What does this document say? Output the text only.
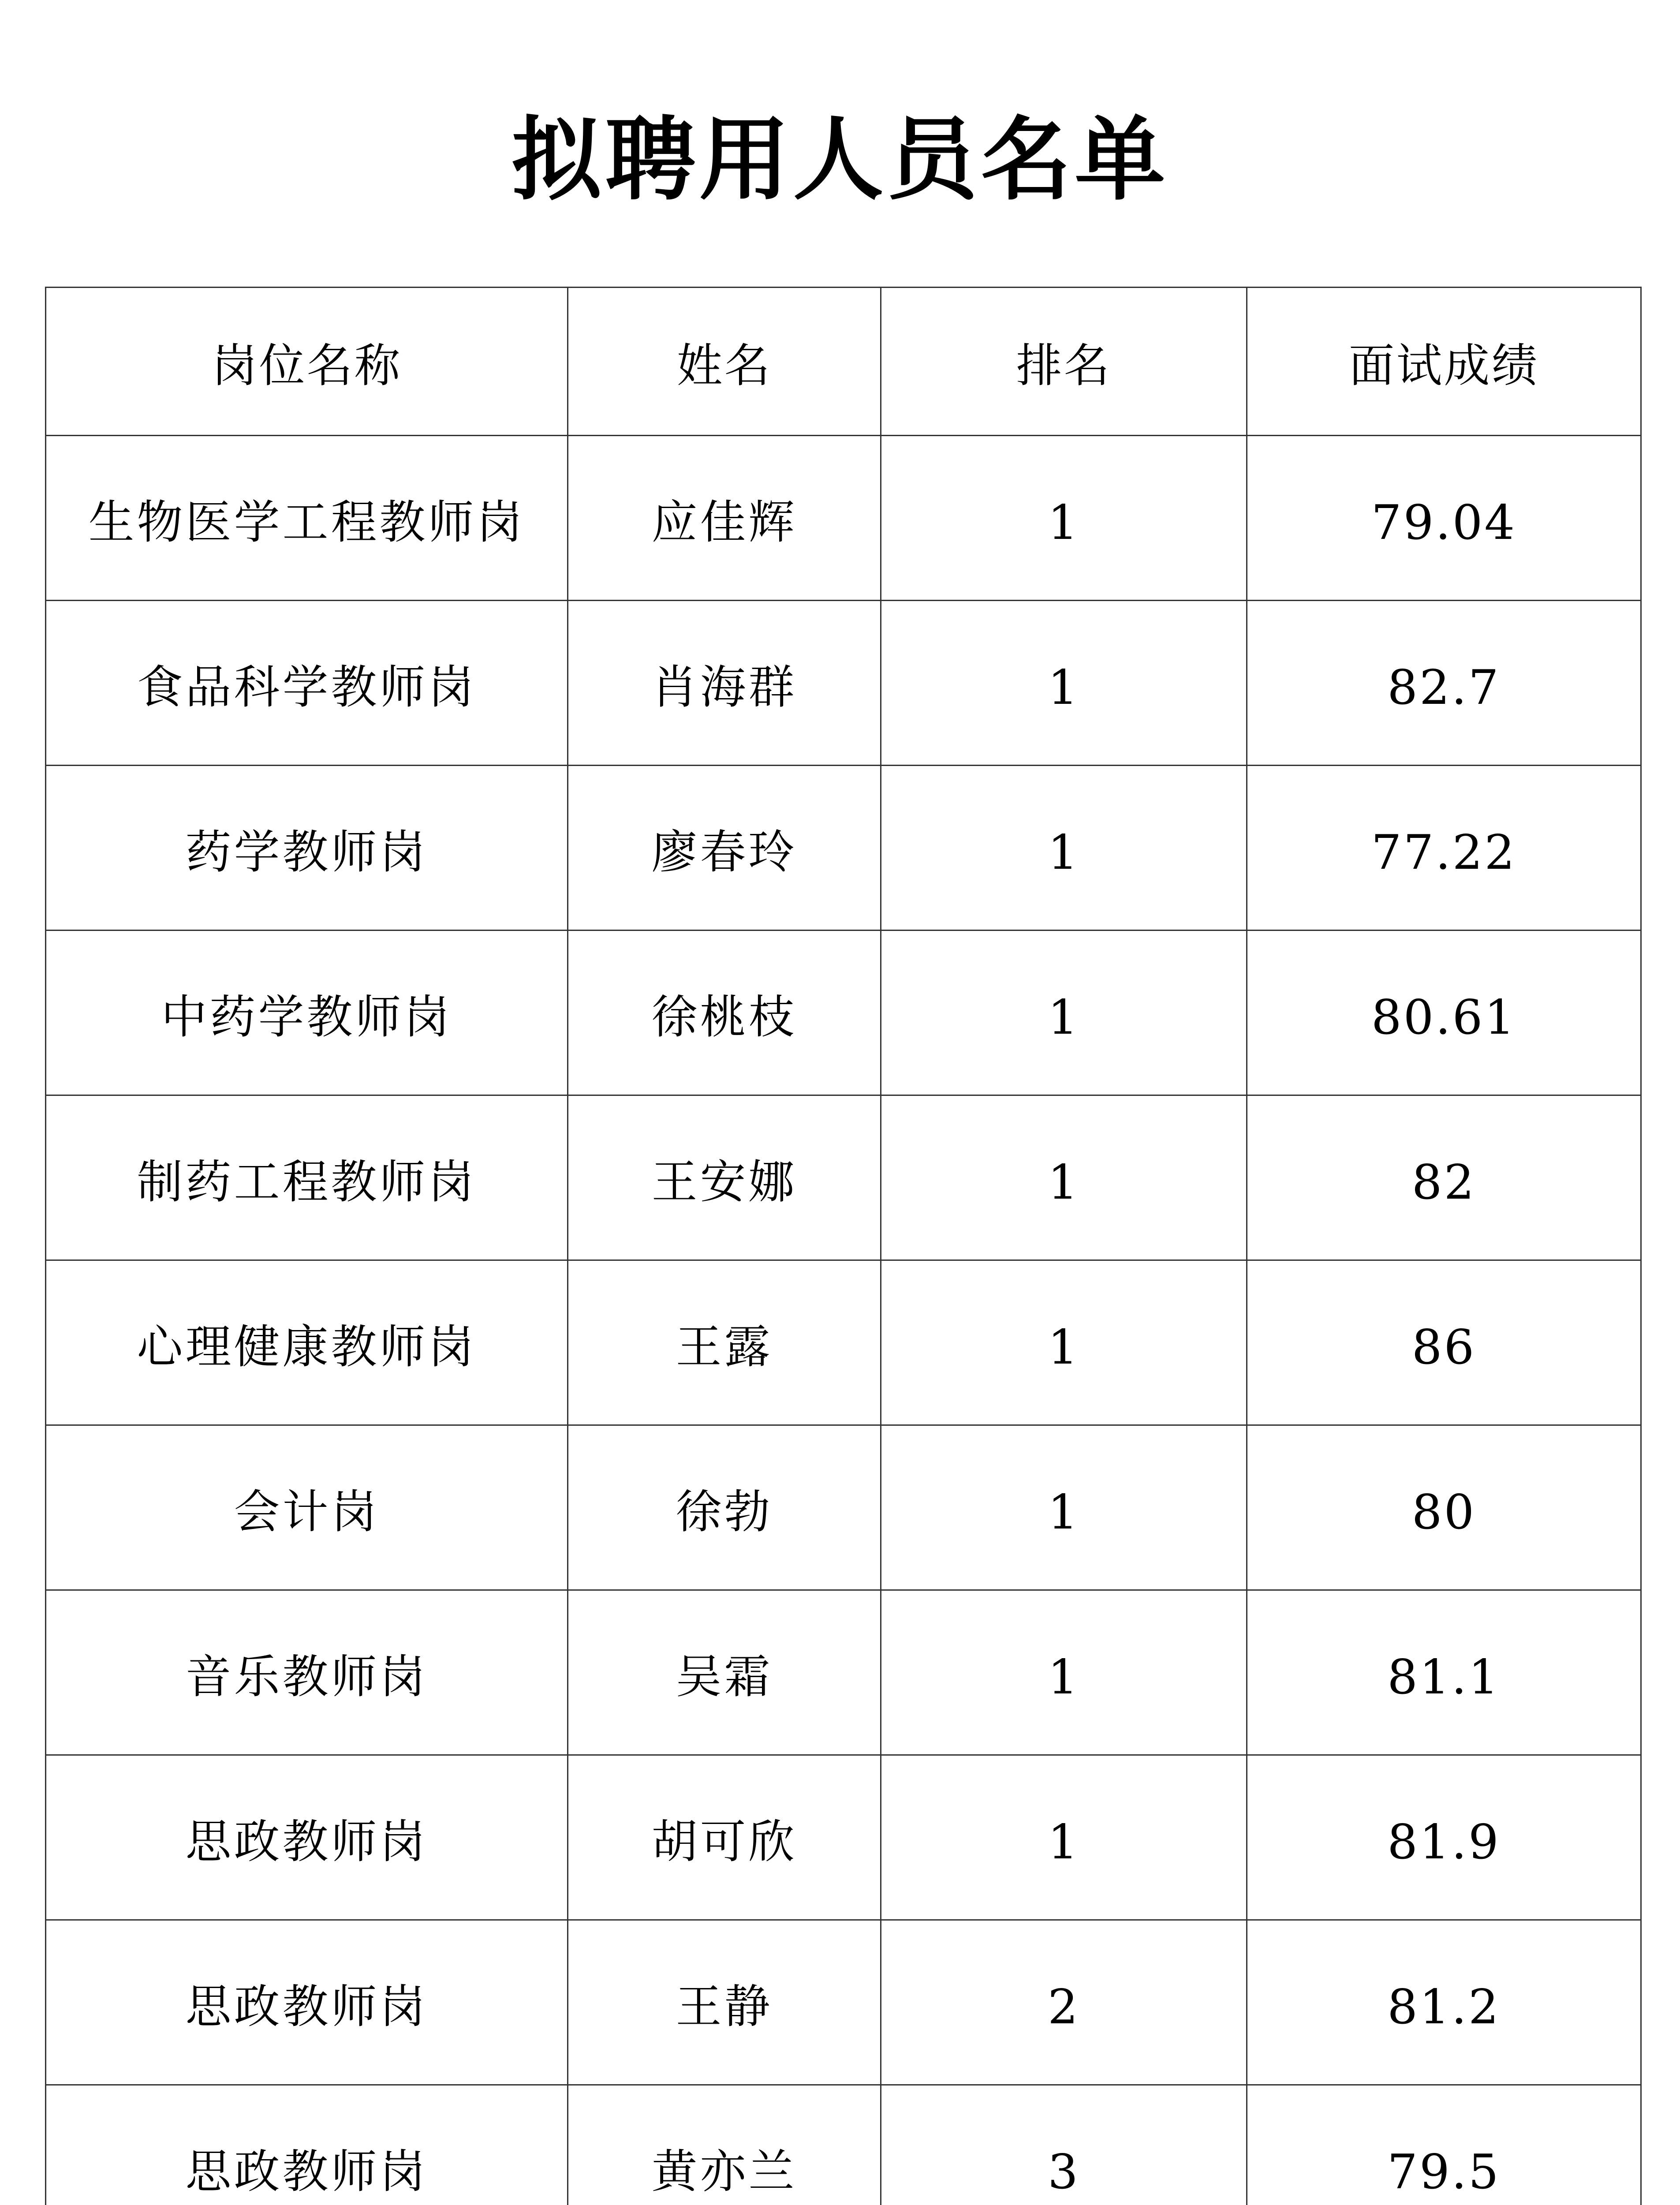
拟聘用人员名单
岗位名称	姓名	排名	面试成绩
生物医学工程教师岗	应佳辉	1	79.04
食品科学教师岗	肖海群	1	82.7
药学教师岗	廖春玲	1	77.22
中药学教师岗	徐桃枝	1	80.61
制药工程教师岗	王安娜	1	82
心理健康教师岗	王露	1	86
会计岗	徐勃	1	80
音乐教师岗	吴霜	1	81.1
思政教师岗	胡可欣	1	81.9
思政教师岗	王静	2	81.2
思政教师岗	黄亦兰	3	79.5
